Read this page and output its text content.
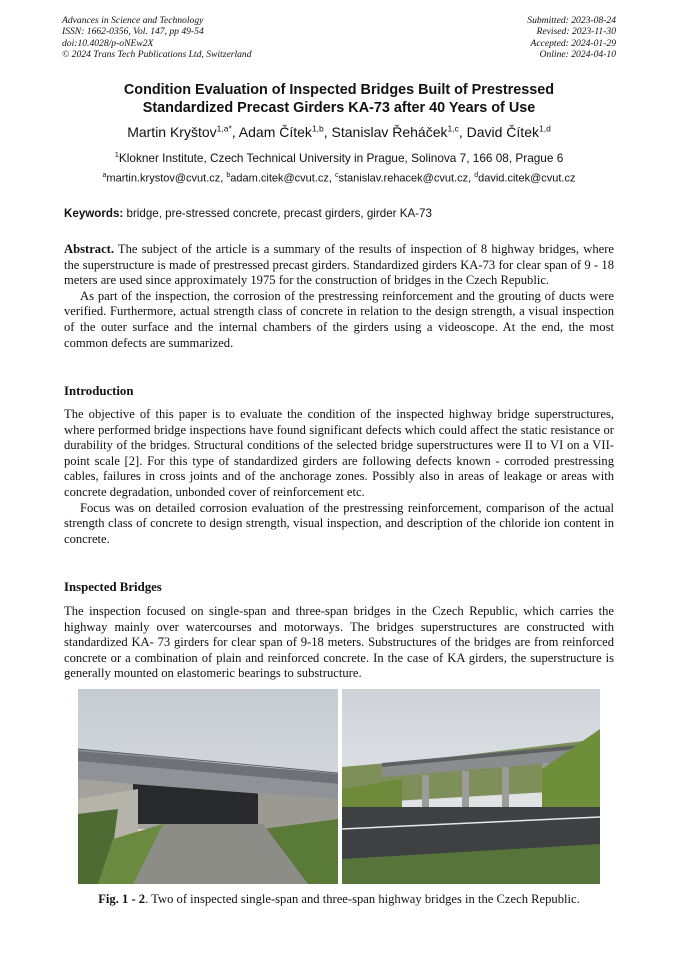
Advances in Science and Technology
ISSN: 1662-0356, Vol. 147, pp 49-54
doi:10.4028/p-oNEw2X
© 2024 Trans Tech Publications Ltd, Switzerland
Submitted: 2023-08-24
Revised: 2023-11-30
Accepted: 2024-01-29
Online: 2024-04-10
Condition Evaluation of Inspected Bridges Built of Prestressed
Standardized Precast Girders KA-73 after 40 Years of Use
Martin Kryštov$^{1,a*}$, Adam Čítek$^{1,b}$, Stanislav Řeháček$^{1,c}$, David Čítek$^{1,d}$
$^1$Klokner Institute, Czech Technical University in Prague, Solinova 7, 166 08, Prague 6
$^a$martin.krystov@cvut.cz, $^b$adam.citek@cvut.cz, $^c$stanislav.rehacek@cvut.cz, $^d$david.citek@cvut.cz
Keywords: bridge, pre-stressed concrete, precast girders, girder KA-73

Abstract. The subject of the article is a summary of the results of inspection of 8 highway bridges, where the superstructure is made of prestressed precast girders. Standardized girders KA-73 for clear span of 9 - 18 meters are used since approximately 1975 for the construction of bridges in the Czech Republic.

As part of the inspection, the corrosion of the prestressing reinforcement and the grouting of ducts were verified. Furthermore, actual strength class of concrete in relation to the design strength, a visual inspection of the outer surface and the internal chambers of the girders using a videoscope. At the end, the most common defects are summarized.

Introduction

The objective of this paper is to evaluate the condition of the inspected highway bridge superstructures, where performed bridge inspections have found significant defects which could affect the static resistance or durability of the bridges. Structural conditions of the selected bridge superstructures were II to VI on a VII-point scale [2]. For this type of standardized girders are following defects known - corroded prestressing cables, failures in cross joints and of the anchorage zones. Possibly also in areas of leakage or areas with concrete degradation, unbonded cover of reinforcement etc.

Focus was on detailed corrosion evaluation of the prestressing reinforcement, comparison of the actual strength class of concrete to design strength, visual inspection, and description of the chloride ion content in concrete.

Inspected Bridges

The inspection focused on single-span and three-span bridges in the Czech Republic, which carries the highway mainly over watercourses and motorways. The bridges superstructures are constructed with standardized KA- 73 girders for clear span of 9-18 meters. Substructures of the bridges are from reinforced concrete or a combination of plain and reinforced concrete. In the case of KA girders, the superstructure is generally mounted on elastomeric bearings to substructure.

Fig. 1 - 2. Two of inspected single-span and three-span highway bridges in the Czech Republic.
